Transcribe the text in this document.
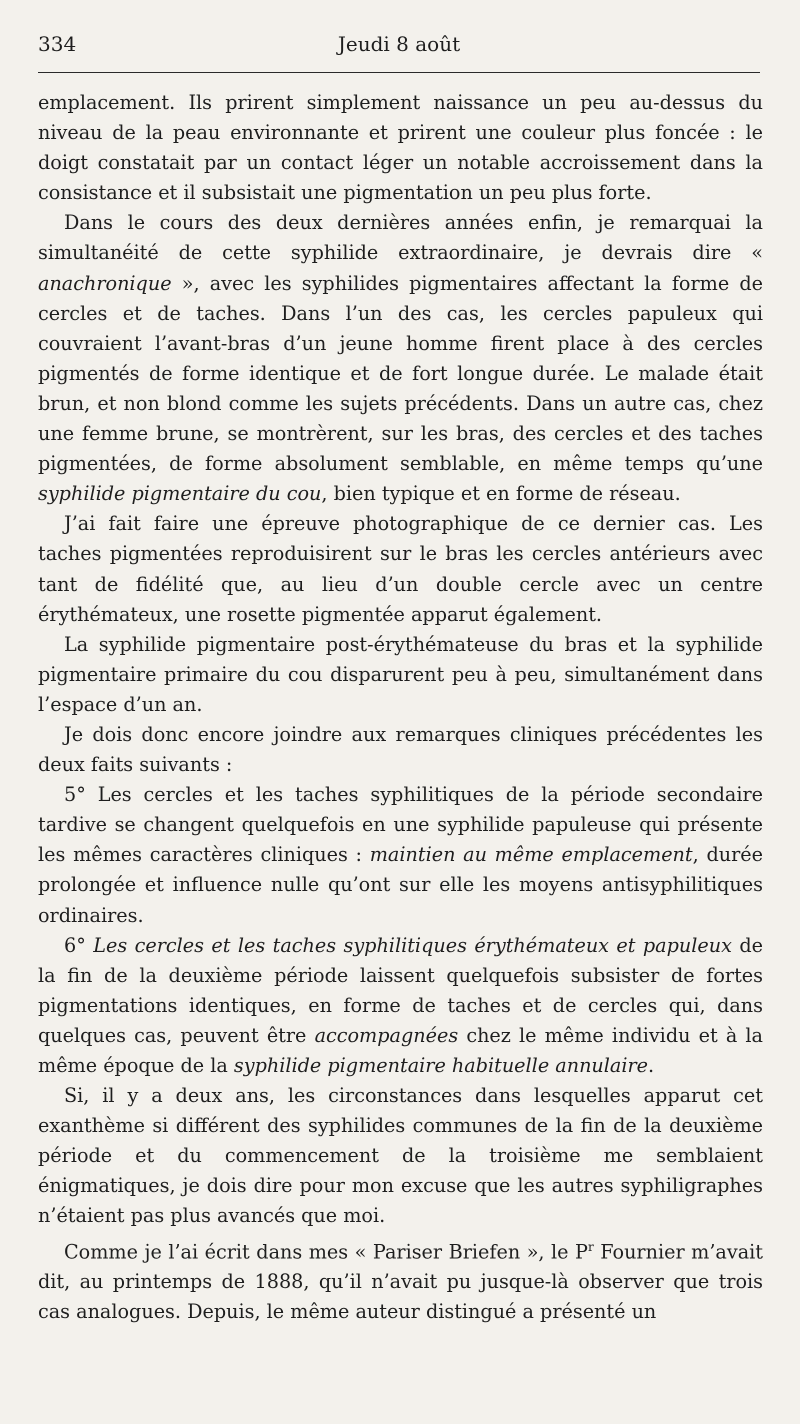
334	Jeudi 8 août

emplacement. Ils prirent simplement naissance un peu au-dessus du niveau de la peau environnante et prirent une couleur plus foncée : le doigt constatait par un contact léger un notable accroissement dans la consistance et il subsistait une pigmentation un peu plus forte.

Dans le cours des deux dernières années enfin, je remarquai la simultanéité de cette syphilide extraordinaire, je devrais dire « anachronique », avec les syphilides pigmentaires affectant la forme de cercles et de taches. Dans l’un des cas, les cercles papuleux qui couvraient l’avant-bras d’un jeune homme firent place à des cercles pigmentés de forme identique et de fort longue durée. Le malade était brun, et non blond comme les sujets précédents. Dans un autre cas, chez une femme brune, se montrèrent, sur les bras, des cercles et des taches pigmentées, de forme absolument semblable, en même temps qu’une syphilide pigmentaire du cou, bien typique et en forme de réseau.

J’ai fait faire une épreuve photographique de ce dernier cas. Les taches pigmentées reproduisirent sur le bras les cercles antérieurs avec tant de fidélité que, au lieu d’un double cercle avec un centre érythémateux, une rosette pigmentée apparut également.

La syphilide pigmentaire post-érythémateuse du bras et la syphilide pigmentaire primaire du cou disparurent peu à peu, simultanément dans l’espace d’un an.

Je dois donc encore joindre aux remarques cliniques précédentes les deux faits suivants :

5° Les cercles et les taches syphilitiques de la période secondaire tardive se changent quelquefois en une syphilide papuleuse qui présente les mêmes caractères cliniques : maintien au même emplacement, durée prolongée et influence nulle qu’ont sur elle les moyens antisyphilitiques ordinaires.

6° Les cercles et les taches syphilitiques érythémateux et papuleux de la fin de la deuxième période laissent quelquefois subsister de fortes pigmentations identiques, en forme de taches et de cercles qui, dans quelques cas, peuvent être accompagnées chez le même individu et à la même époque de la syphilide pigmentaire habituelle annulaire.

Si, il y a deux ans, les circonstances dans lesquelles apparut cet exanthème si différent des syphilides communes de la fin de la deuxième période et du commencement de la troisième me semblaient énigmatiques, je dois dire pour mon excuse que les autres syphiligraphes n’étaient pas plus avancés que moi.

Comme je l’ai écrit dans mes « Pariser Briefen », le $P^r$ Fournier m’avait dit, au printemps de 1888, qu’il n’avait pu jusque-là observer que trois cas analogues. Depuis, le même auteur distingué a présenté un
